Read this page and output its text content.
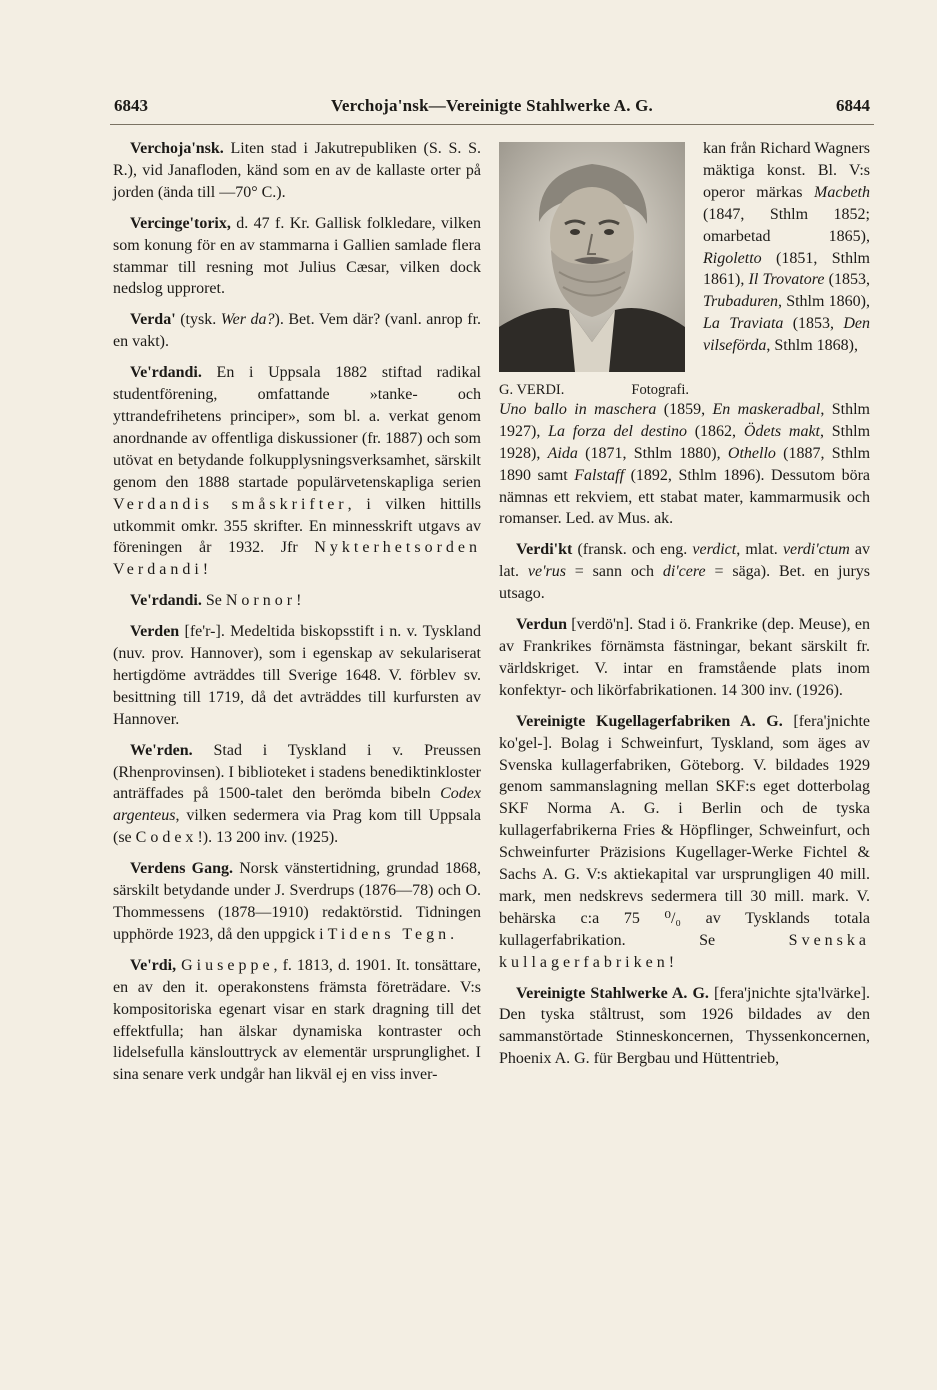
6843	Verchoja'nsk—Vereinigte Stahlwerke A. G.	6844

Verchoja'nsk. Liten stad i Jakutrepubliken (S. S. S. R.), vid Janafloden, känd som en av de kallaste orter på jorden (ända till —70° C.).

Vercinge'torix, d. 47 f. Kr. Gallisk folkledare, vilken som konung för en av stammarna i Gallien samlade flera stammar till resning mot Julius Cæsar, vilken dock nedslog upproret.

Verda' (tysk. Wer da?). Bet. Vem där? (vanl. anrop fr. en vakt).

Ve'rdandi. En i Uppsala 1882 stiftad radikal studentförening, omfattande »tanke- och yttrandefrihetens principer», som bl. a. verkat genom anordnande av offentliga diskussioner (fr. 1887) och som utövat en betydande folkupplysningsverksamhet, särskilt genom den 1888 startade populärvetenskapliga serien Verdandis småskrifter, i vilken hittills utkommit omkr. 355 skrifter. En minnesskrift utgavs av föreningen år 1932. Jfr Nykterhetsorden Verdandi!

Ve'rdandi. Se Nornor!

Verden [fe'r-]. Medeltida biskopsstift i n. v. Tyskland (nuv. prov. Hannover), som i egenskap av sekulariserat hertigdöme avträddes till Sverige 1648. V. förblev sv. besittning till 1719, då det avträddes till kurfursten av Hannover.

We'rden. Stad i Tyskland i v. Preussen (Rhenprovinsen). I biblioteket i stadens benediktinkloster anträffades på 1500-talet den berömda bibeln Codex argenteus, vilken sedermera via Prag kom till Uppsala (se Codex!). 13 200 inv. (1925).

Verdens Gang. Norsk vänstertidning, grundad 1868, särskilt betydande under J. Sverdrups (1876—78) och O. Thommessens (1878—1910) redaktörstid. Tidningen upphörde 1923, då den uppgick i Tidens Tegn.

Ve'rdi, Giuseppe, f. 1813, d. 1901. It. tonsättare, en av den it. operakonstens främsta företrädare. V:s kompositoriska egenart visar en stark dragning till det effektfulla; han älskar dynamiska kontraster och lidelsefulla känslouttryck av elementär ursprunglighet. I sina senare verk undgår han likväl ej en viss inver-

G. VERDI.	Fotografi.

kan från Richard Wagners mäktiga konst. Bl. V:s operor märkas Macbeth (1847, Sthlm 1852; omarbetad 1865), Rigoletto (1851, Sthlm 1861), Il Trovatore (1853, Trubaduren, Sthlm 1860), La Traviata (1853, Den vilseförda, Sthlm 1868),

Uno ballo in maschera (1859, En maskeradbal, Sthlm 1927), La forza del destino (1862, Ödets makt, Sthlm 1928), Aida (1871, Sthlm 1880), Othello (1887, Sthlm 1890 samt Falstaff (1892, Sthlm 1896). Dessutom böra nämnas ett rekviem, ett stabat mater, kammarmusik och romanser. Led. av Mus. ak.

Verdi'kt (fransk. och eng. verdict, mlat. verdi'ctum av lat. ve'rus = sann och di'cere = säga). Bet. en jurys utsago.

Verdun [verdö'n]. Stad i ö. Frankrike (dep. Meuse), en av Frankrikes förnämsta fästningar, bekant särskilt fr. världskriget. V. intar en framstående plats inom konfektyr- och likörfabrikationen. 14 300 inv. (1926).

Vereinigte Kugellagerfabriken A. G. [fera'jnichte ko'gel-]. Bolag i Schweinfurt, Tyskland, som äges av Svenska kullagerfabriken, Göteborg. V. bildades 1929 genom sammanslagning mellan SKF:s eget dotterbolag SKF Norma A. G. i Berlin och de tyska kullagerfabrikerna Fries & Höpflinger, Schweinfurt, och Schweinfurter Präzisions Kugellager-Werke Fichtel & Sachs A. G. V:s aktiekapital var ursprungligen 40 mill. mark, men nedskrevs sedermera till 30 mill. mark. V. behärska c:a 75 ⁰/₀ av Tysklands totala kullagerfabrikation. Se Svenska kullagerfabriken!

Vereinigte Stahlwerke A. G. [fera'jnichte sjta'lvärke]. Den tyska ståltrust, som 1926 bildades av den sammanstörtade Stinneskoncernen, Thyssenkoncernen, Phoenix A. G. für Bergbau und Hüttentrieb,
